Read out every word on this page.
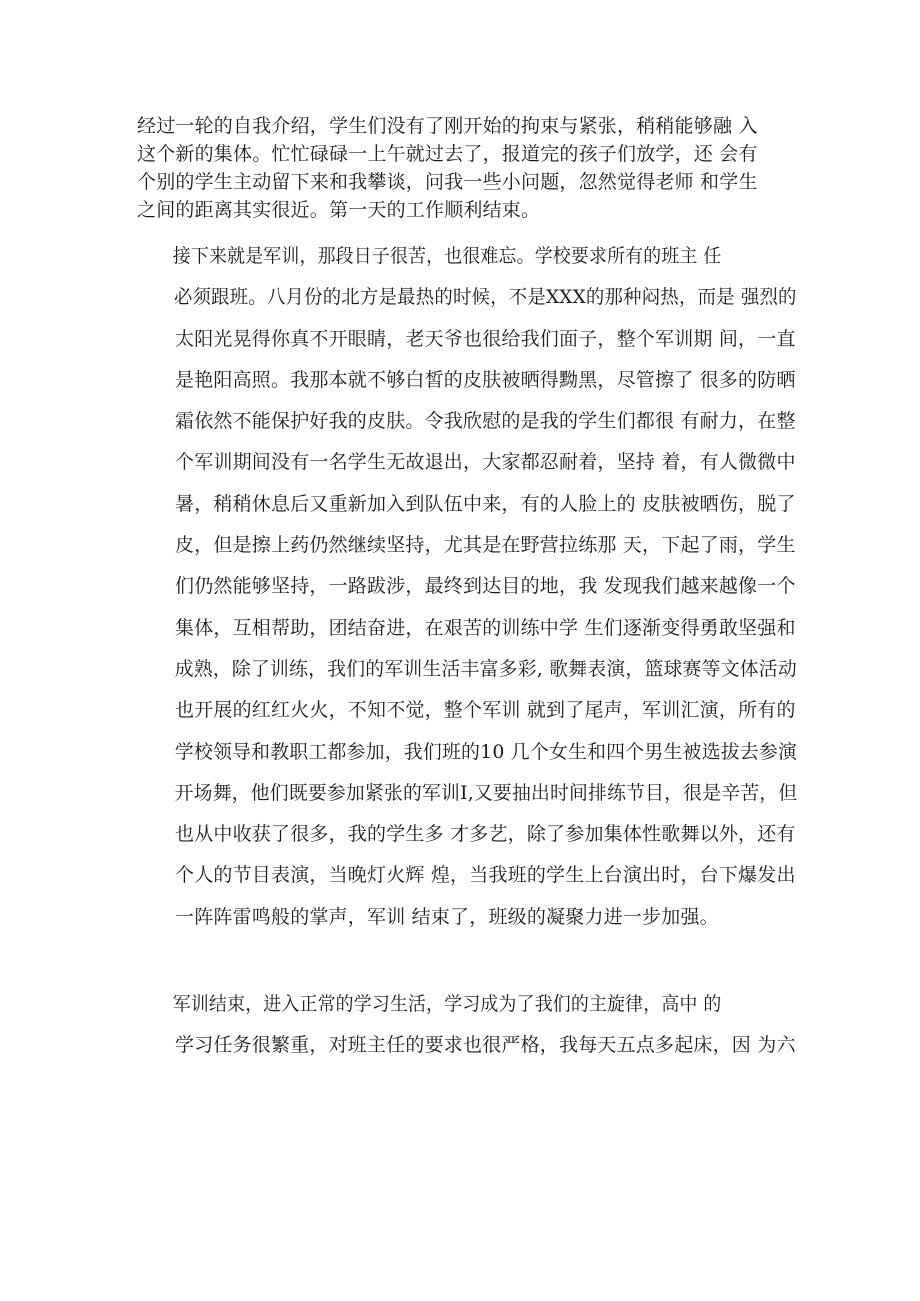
经过一轮的自我介绍，学生们没有了刚开始的拘束与紧张，稍稍能够融 入
这个新的集体。忙忙碌碌一上午就过去了，报道完的孩子们放学，还 会有
个别的学生主动留下来和我攀谈，问我一些小问题，忽然觉得老师 和学生
之间的距离其实很近。第一天的工作顺利结束。

接下来就是军训，那段日子很苦，也很难忘。学校要求所有的班主 任
必须跟班。八月份的北方是最热的时候，不是XXX的那种闷热，而是 强烈的
太阳光晃得你真不开眼睛，老天爷也很给我们面子，整个军训期 间，一直
是艳阳高照。我那本就不够白皙的皮肤被晒得黝黑，尽管擦了 很多的防晒
霜依然不能保护好我的皮肤。令我欣慰的是我的学生们都很 有耐力，在整
个军训期间没有一名学生无故退出，大家都忍耐着，坚持 着，有人微微中
暑，稍稍休息后又重新加入到队伍中来，有的人脸上的 皮肤被晒伤，脱了
皮，但是擦上药仍然继续坚持，尤其是在野营拉练那 天，下起了雨，学生
们仍然能够坚持，一路跋涉，最终到达目的地，我 发现我们越来越像一个
集体，互相帮助，团结奋进，在艰苦的训练中学 生们逐渐变得勇敢坚强和
成熟，除了训练，我们的军训生活丰富多彩, 歌舞表演，篮球赛等文体活动
也开展的红红火火，不知不觉，整个军训 就到了尾声，军训汇演，所有的
学校领导和教职工都参加，我们班的10 几个女生和四个男生被选拔去参演
开场舞，他们既要参加紧张的军训I,又要抽出时间排练节目，很是辛苦，但
也从中收获了很多，我的学生多 才多艺，除了参加集体性歌舞以外，还有
个人的节目表演，当晚灯火辉 煌，当我班的学生上台演出时，台下爆发出
一阵阵雷鸣般的掌声，军训 结束了，班级的凝聚力进一步加强。

军训结束，进入正常的学习生活，学习成为了我们的主旋律，高中 的
学习任务很繁重，对班主任的要求也很严格，我每天五点多起床，因 为六
